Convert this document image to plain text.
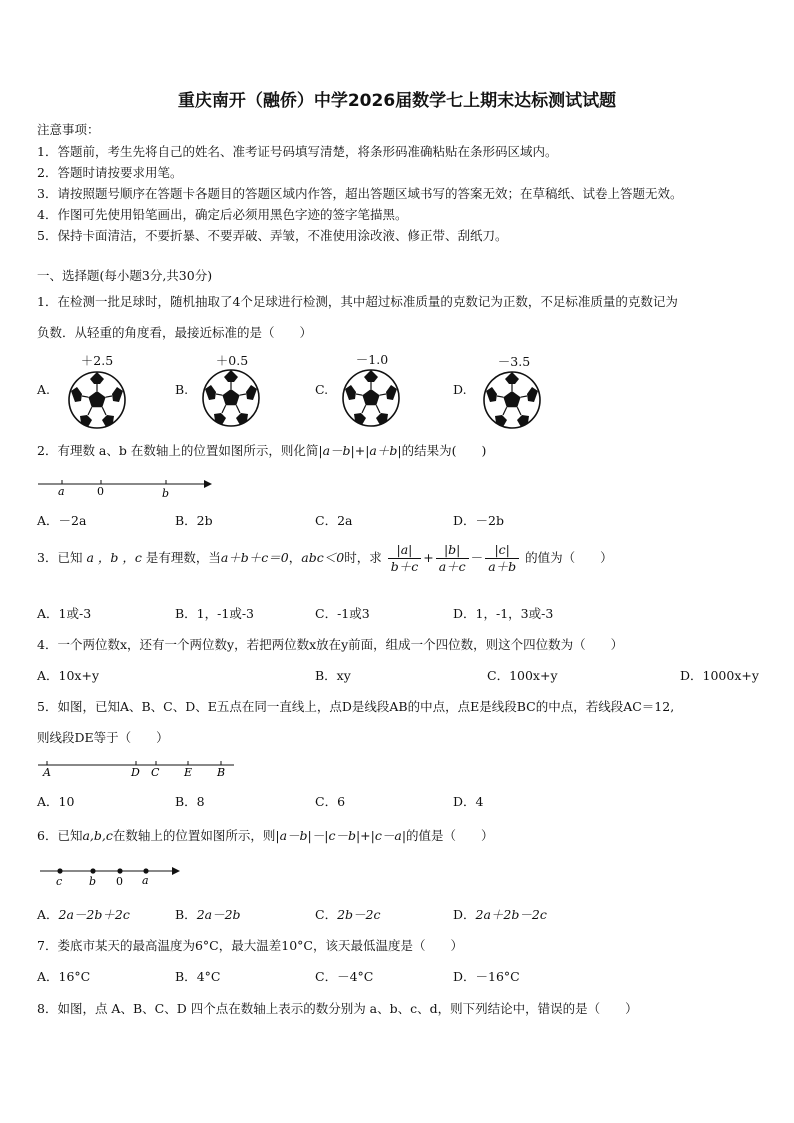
重庆南开（融侨）中学2026届数学七上期末达标测试试题
注意事项：
1．答题前，考生先将自己的姓名、准考证号码填写清楚，将条形码准确粘贴在条形码区域内。
2．答题时请按要求用笔。
3．请按照题号顺序在答题卡各题目的答题区域内作答，超出答题区域书写的答案无效；在草稿纸、试卷上答题无效。
4．作图可先使用铅笔画出，确定后必须用黑色字迹的签字笔描黑。
5．保持卡面清洁，不要折暴、不要弄破、弄皱，不准使用涂改液、修正带、刮纸刀。
一、选择题(每小题3分,共30分)
1．在检测一批足球时，随机抽取了4个足球进行检测，其中超过标准质量的克数记为正数，不足标准质量的克数记为
负数．从轻重的角度看，最接近标准的是（　　）
＋2.5	＋0.5	－1.0	－3.5
A.	B.	C.	D.
2．有理数 a、b 在数轴上的位置如图所示，则化简|a－b|+|a＋b|的结果为(　　)
a	0	b
A．－2a	B．2b	C．2a	D．－2b
3．已知 a ，b ，c 是有理数，当a＋b＋c＝0，abc＜0时，求 $\frac{|a|}{b+c} + \frac{|b|}{a+c} - \frac{|c|}{a+b}$ 的值为（　　）
A．1或-3	B．1，-1或-3	C．-1或3	D．1，-1，3或-3
4．一个两位数x，还有一个两位数y，若把两位数x放在y前面，组成一个四位数，则这个四位数为（　　）
A．10x+y	B．xy	C．100x+y	D．1000x+y
5．如图，已知A、B、C、D、E五点在同一直线上，点D是线段AB的中点，点E是线段BC的中点，若线段AC＝12,
则线段DE等于（　　）
A	D C E B
A．10	B．8	C．6	D．4
6．已知a,b,c在数轴上的位置如图所示，则|a－b|－|c－b|+|c－a|的值是（　　）
c b 0 a
A．2a－2b＋2c	B．2a－2b	C．2b－2c	D．2a＋2b－2c
7．娄底市某天的最高温度为6°C，最大温差10°C，该天最低温度是（　　）
A．16°C	B．4°C	C．－4°C	D．－16°C
8．如图，点 A、B、C、D 四个点在数轴上表示的数分别为 a、b、c、d，则下列结论中，错误的是（　　）
